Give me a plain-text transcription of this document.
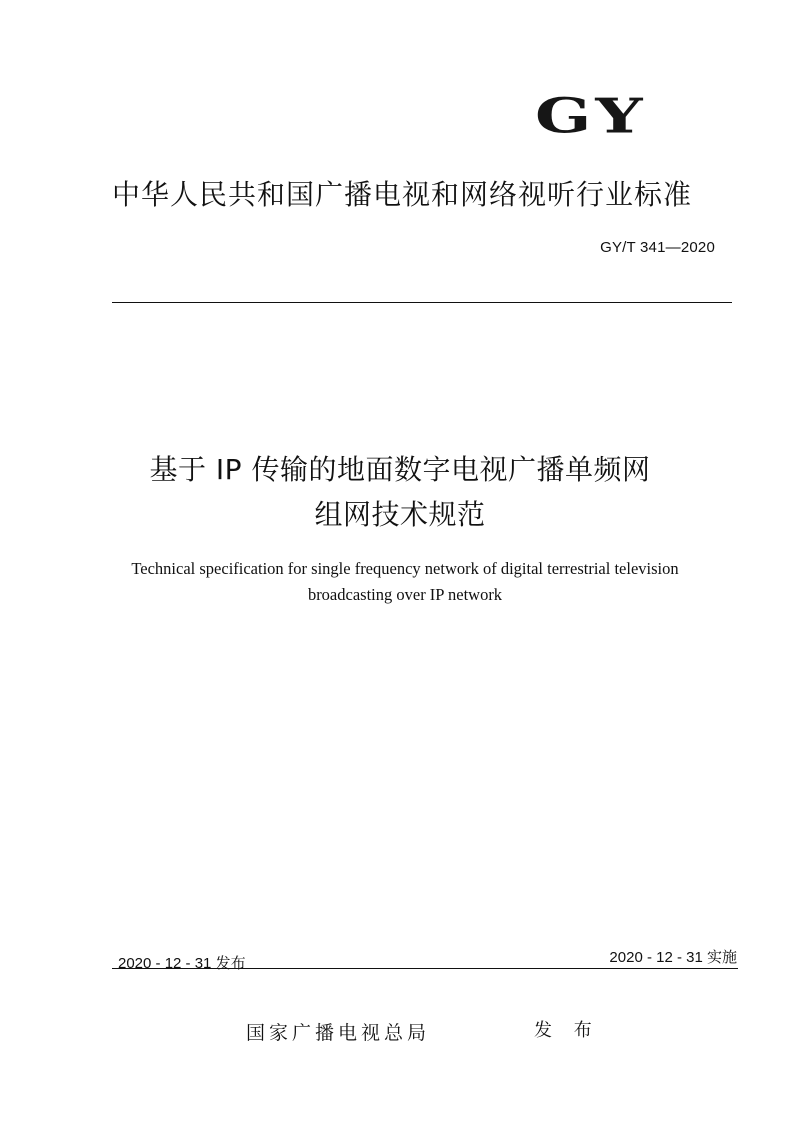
GY
中华人民共和国广播电视和网络视听行业标准
GY/T 341—2020
基于 IP 传输的地面数字电视广播单频网
组网技术规范
Technical specification for single frequency network of digital terrestrial television
broadcasting over IP network
2020 - 12 - 31 发布	2020 - 12 - 31 实施
国家广播电视总局	发 布
